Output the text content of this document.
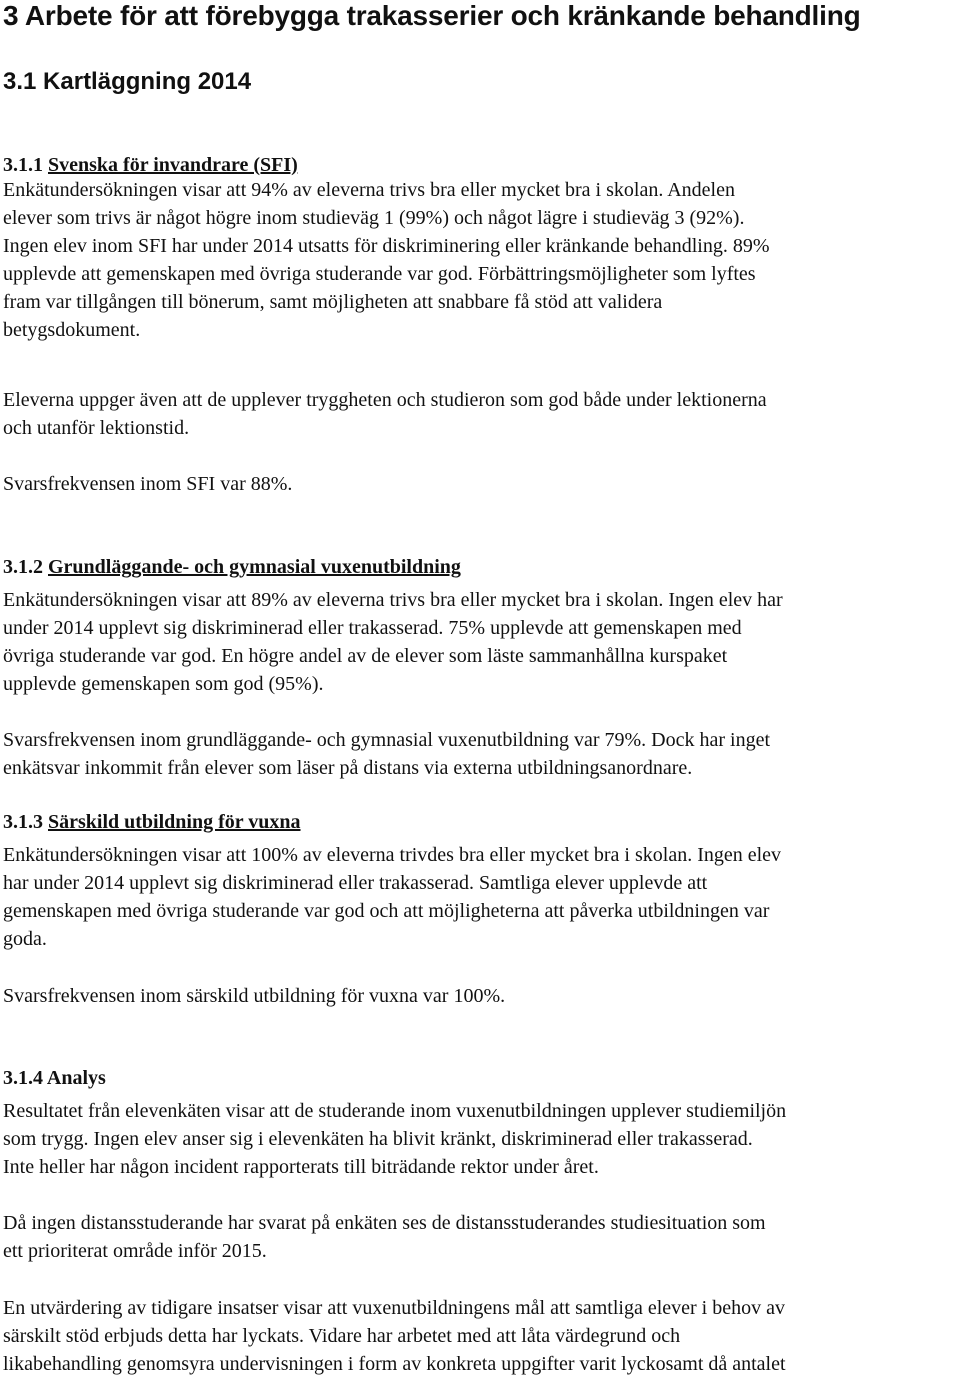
3 Arbete för att förebygga trakasserier och kränkande behandling
3.1 Kartläggning 2014
3.1.1 Svenska för invandrare (SFI)
Enkätundersökningen visar att 94% av eleverna trivs bra eller mycket bra i skolan. Andelen
elever som trivs är något högre inom studieväg 1 (99%) och något lägre i studieväg 3 (92%).
Ingen elev inom SFI har under 2014 utsatts för diskriminering eller kränkande behandling. 89%
upplevde att gemenskapen med övriga studerande var god. Förbättringsmöjligheter som lyftes
fram var tillgången till bönerum, samt möjligheten att snabbare få stöd att validera
betygsdokument.
Eleverna uppger även att de upplever tryggheten och studieron som god både under lektionerna
och utanför lektionstid.
Svarsfrekvensen inom SFI var 88%.
3.1.2 Grundläggande- och gymnasial vuxenutbildning
Enkätundersökningen visar att 89% av eleverna trivs bra eller mycket bra i skolan. Ingen elev har
under 2014 upplevt sig diskriminerad eller trakasserad. 75% upplevde att gemenskapen med
övriga studerande var god. En högre andel av de elever som läste sammanhållna kurspaket
upplevde gemenskapen som god (95%).
Svarsfrekvensen inom grundläggande- och gymnasial vuxenutbildning var 79%. Dock har inget
enkätsvar inkommit från elever som läser på distans via externa utbildningsanordnare.
3.1.3 Särskild utbildning för vuxna
Enkätundersökningen visar att 100% av eleverna trivdes bra eller mycket bra i skolan. Ingen elev
har under 2014 upplevt sig diskriminerad eller trakasserad. Samtliga elever upplevde att
gemenskapen med övriga studerande var god och att möjligheterna att påverka utbildningen var
goda.
Svarsfrekvensen inom särskild utbildning för vuxna var 100%.
3.1.4 Analys
Resultatet från elevenkäten visar att de studerande inom vuxenutbildningen upplever studiemiljön
som trygg. Ingen elev anser sig i elevenkäten ha blivit kränkt, diskriminerad eller trakasserad.
Inte heller har någon incident rapporterats till biträdande rektor under året.
Då ingen distansstuderande har svarat på enkäten ses de distansstuderandes studiesituation som
ett prioriterat område inför 2015.
En utvärdering av tidigare insatser visar att vuxenutbildningens mål att samtliga elever i behov av
särskilt stöd erbjuds detta har lyckats. Vidare har arbetet med att låta värdegrund och
likabehandling genomsyra undervisningen i form av konkreta uppgifter varit lyckosamt då antalet
